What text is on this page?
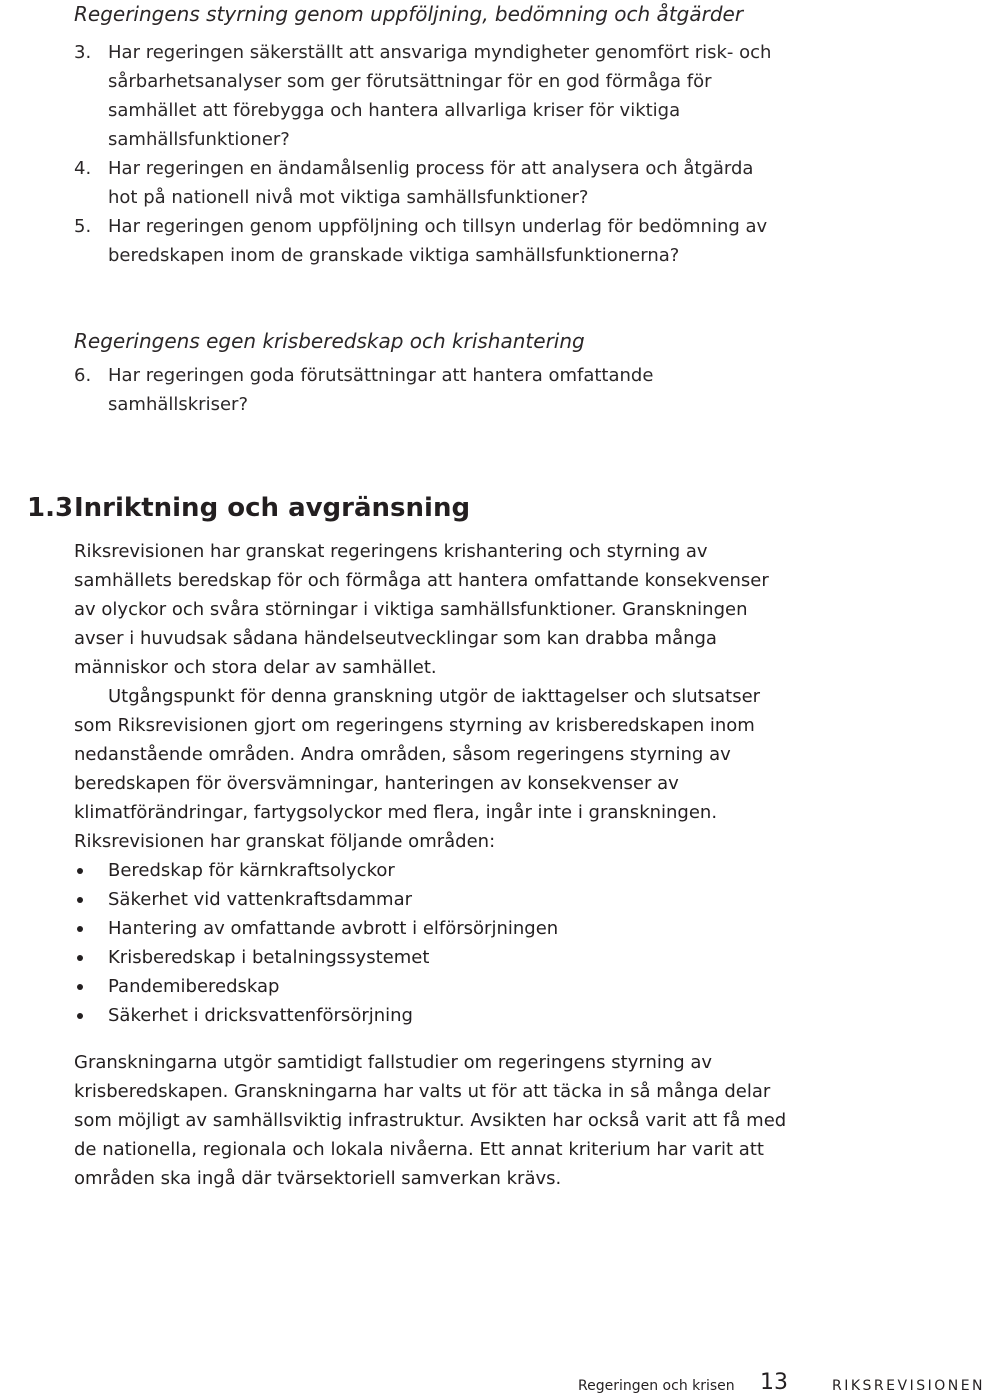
Regeringens styrning genom uppföljning, bedömning och åtgärder

3. Har regeringen säkerställt att ansvariga myndigheter genomfört risk- och sårbarhetsanalyser som ger förutsättningar för en god förmåga för samhället att förebygga och hantera allvarliga kriser för viktiga samhällsfunktioner?
4. Har regeringen en ändamålsenlig process för att analysera och åtgärda hot på nationell nivå mot viktiga samhällsfunktioner?
5. Har regeringen genom uppföljning och tillsyn underlag för bedömning av beredskapen inom de granskade viktiga samhällsfunktionerna?

Regeringens egen krisberedskap och krishantering

6. Har regeringen goda förutsättningar att hantera omfattande samhällskriser?
1.3Inriktning och avgränsning

Riksrevisionen har granskat regeringens krishantering och styrning av samhällets beredskap för och förmåga att hantera omfattande konsekvenser av olyckor och svåra störningar i viktiga samhällsfunktioner. Granskningen avser i huvudsak sådana händelseutvecklingar som kan drabba många människor och stora delar av samhället.

Utgångspunkt för denna granskning utgör de iakttagelser och slutsatser som Riksrevisionen gjort om regeringens styrning av krisberedskapen inom nedanstående områden. Andra områden, såsom regeringens styrning av beredskapen för översvämningar, hanteringen av konsekvenser av klimatförändringar, fartygsolyckor med flera, ingår inte i granskningen.

Riksrevisionen har granskat följande områden:

Beredskap för kärnkraftsolyckor
Säkerhet vid vattenkraftsdammar
Hantering av omfattande avbrott i elförsörjningen
Krisberedskap i betalningssystemet
Pandemiberedskap
Säkerhet i dricksvattenförsörjning

Granskningarna utgör samtidigt fallstudier om regeringens styrning av krisberedskapen. Granskningarna har valts ut för att täcka in så många delar som möjligt av samhällsviktig infrastruktur. Avsikten har också varit att få med de nationella, regionala och lokala nivåerna. Ett annat kriterium har varit att områden ska ingå där tvärsektoriell samverkan krävs.

Regeringen och krisen 13	RIKSREVISIONEN
